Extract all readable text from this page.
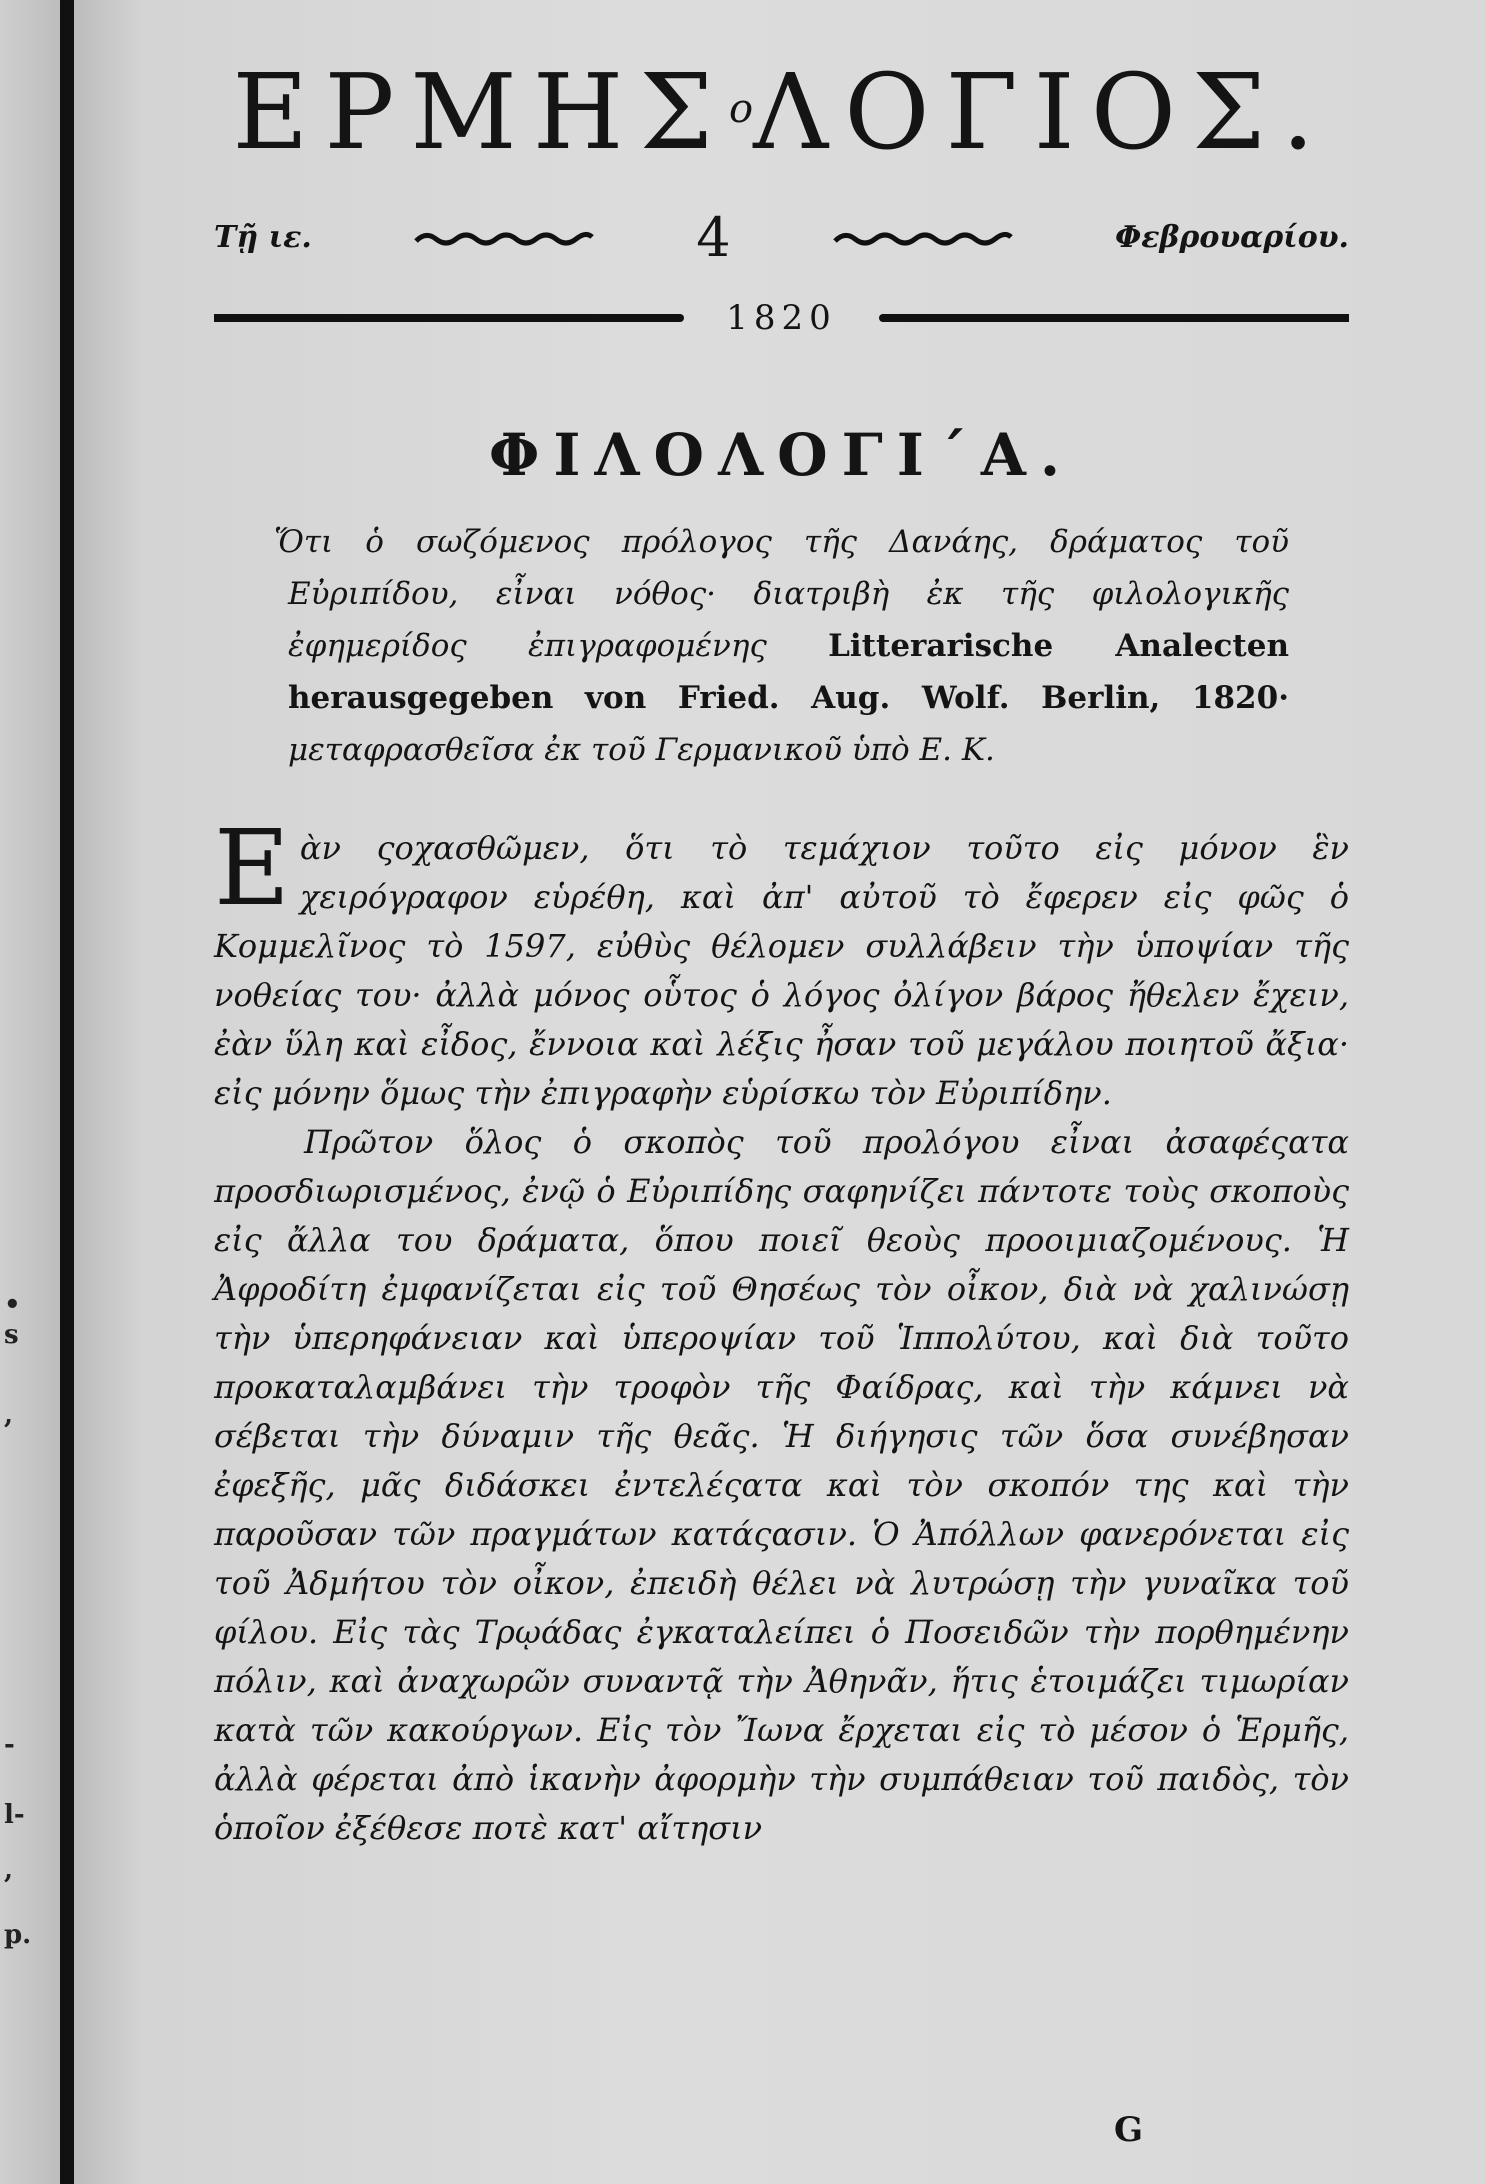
•
s
,
-
l-
,
p.
$EPMH\Sigma^o\Lambda O\Gamma IO\Sigma$.
Τῇ ιε.	4	Φεβρουαρίου.
1820
ΦΙΛΟΛΟΓΙ΄Α.
Ὅτι ὁ σωζόμενος πρόλογος τῆς Δανάης, δράματος τοῦ Εὐριπίδου, εἶναι νόθος· διατριβὴ ἐκ τῆς φιλολογικῆς ἐφημερίδος ἐπιγραφομένης Litterarische Analecten herausgegeben von Fried. Aug. Wolf. Berlin, 1820· μεταφρασθεῖσα ἐκ τοῦ Γερμανικοῦ ὑπὸ Ε. Κ.

Εὰν ςοχασθῶμεν, ὅτι τὸ τεμάχιον τοῦτο εἰς μόνον ἓν χειρόγραφον εὑρέθη, καὶ ἀπ' αὐτοῦ τὸ ἔφερεν εἰς φῶς ὁ Κομμελῖνος τὸ 1597, εὐθὺς θέλομεν συλλάβειν τὴν ὑποψίαν τῆς νοθείας του· ἀλλὰ μόνος οὗτος ὁ λόγος ὀλίγον βάρος ἤθελεν ἔχειν, ἐὰν ὕλη καὶ εἶδος, ἔννοια καὶ λέξις ἦσαν τοῦ μεγάλου ποιητοῦ ἄξια· εἰς μόνην ὅμως τὴν ἐπιγραφὴν εὑρίσκω τὸν Εὐριπίδην.

Πρῶτον ὅλος ὁ σκοπὸς τοῦ προλόγου εἶναι ἀσαφέςατα προσδιωρισμένος, ἐνῷ ὁ Εὐριπίδης σαφηνίζει πάντοτε τοὺς σκοποὺς εἰς ἄλλα του δράματα, ὅπου ποιεῖ θεοὺς προοιμιαζομένους. Ἡ Ἀφροδίτη ἐμφανίζεται εἰς τοῦ Θησέως τὸν οἶκον, διὰ νὰ χαλινώσῃ τὴν ὑπερηφάνειαν καὶ ὑπεροψίαν τοῦ Ἱππολύτου, καὶ διὰ τοῦτο προκαταλαμβάνει τὴν τροφὸν τῆς Φαίδρας, καὶ τὴν κάμνει νὰ σέβεται τὴν δύναμιν τῆς θεᾶς. Ἡ διήγησις τῶν ὅσα συνέβησαν ἐφεξῆς, μᾶς διδάσκει ἐντελέςατα καὶ τὸν σκοπόν της καὶ τὴν παροῦσαν τῶν πραγμάτων κατάςασιν. Ὁ Ἀπόλλων φανερόνεται εἰς τοῦ Ἀδμήτου τὸν οἶκον, ἐπειδὴ θέλει νὰ λυτρώσῃ τὴν γυναῖκα τοῦ φίλου. Εἰς τὰς Τρῳάδας ἐγκαταλείπει ὁ Ποσειδῶν τὴν πορθημένην πόλιν, καὶ ἀναχωρῶν συναντᾷ τὴν Ἀθηνᾶν, ἥτις ἑτοιμάζει τιμωρίαν κατὰ τῶν κακούργων. Εἰς τὸν Ἴωνα ἔρχεται εἰς τὸ μέσον ὁ Ἑρμῆς, ἀλλὰ φέρεται ἀπὸ ἱκανὴν ἀφορμὴν τὴν συμπάθειαν τοῦ παιδὸς, τὸν ὁποῖον ἐξέθεσε ποτὲ κατ' αἴτησιν

G
